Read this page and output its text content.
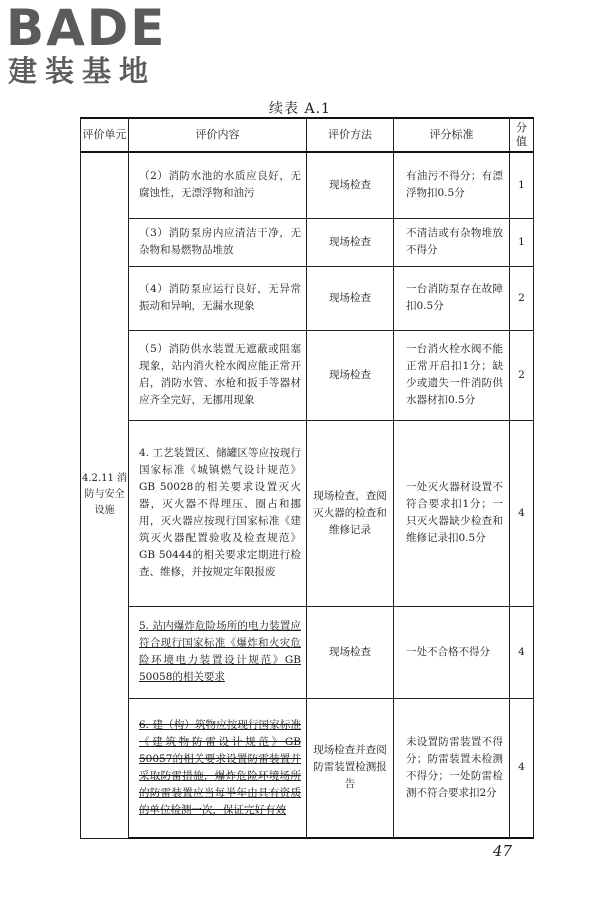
BADE
建装基地
续表 A.1
评价单元	评价内容	评价方法	评分标准	分值
4.2.11 消防与安全设施	（2）消防水池的水质应良好，无腐蚀性，无漂浮物和油污	现场检查	有油污不得分；有漂浮物扣0.5分	1
	（3）消防泵房内应清洁干净，无杂物和易燃物品堆放	现场检查	不清洁或有杂物堆放不得分	1
	（4）消防泵应运行良好，无异常振动和异响，无漏水现象	现场检查	一台消防泵存在故障扣0.5分	2
	（5）消防供水装置无遮蔽或阻塞现象，站内消火栓水阀应能正常开启，消防水管、水枪和扳手等器材应齐全完好，无挪用现象	现场检查	一台消火栓水阀不能正常开启扣1分；缺少或遗失一件消防供水器材扣0.5分	2
	4. 工艺装置区、储罐区等应按现行国家标准《城镇燃气设计规范》GB 50028的相关要求设置灭火器，灭火器不得埋压、圈占和挪用，灭火器应按现行国家标准《建筑灭火器配置验收及检查规范》GB 50444的相关要求定期进行检查、维修，并按规定年限报废	现场检查，查阅灭火器的检查和维修记录	一处灭火器材设置不符合要求扣1分；一只灭火器缺少检查和维修记录扣0.5分	4
	5. 站内爆炸危险场所的电力装置应符合现行国家标准《爆炸和火灾危险环境电力装置设计规范》GB 50058的相关要求	现场检查	一处不合格不得分	4
	6. 建（构）筑物应按现行国家标准《建筑物防雷设计规范》GB 50057的相关要求设置防雷装置并采取防雷措施，爆炸危险环境场所的防雷装置应当每半年由具有资质的单位检测一次，保证完好有效	现场检查并查阅防雷装置检测报告	未设置防雷装置不得分；防雷装置未检测不得分；一处防雷检测不符合要求扣2分	4
47
